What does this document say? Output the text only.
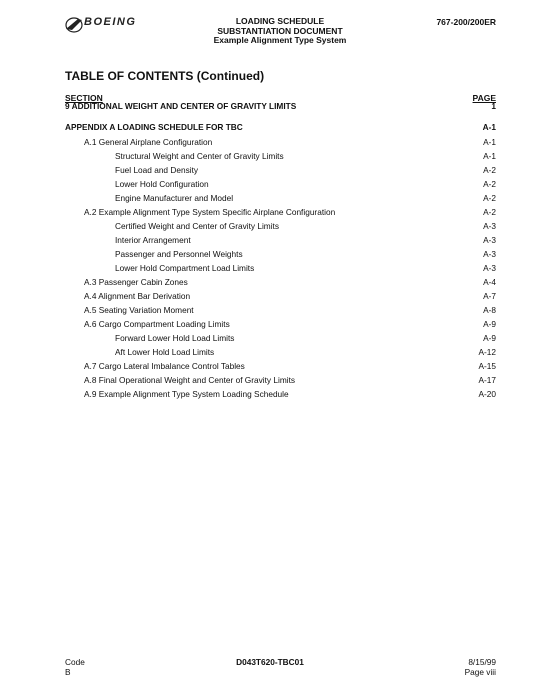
BOEING	LOADING SCHEDULE
SUBSTANTIATION DOCUMENT
Example Alignment Type System
767-200/200ER
TABLE OF CONTENTS (Continued)
SECTION	PAGE
9 ADDITIONAL WEIGHT AND CENTER OF GRAVITY LIMITS	1
APPENDIX A LOADING SCHEDULE FOR TBC	A-1
A.1 General Airplane Configuration	A-1
Structural Weight and Center of Gravity Limits	A-1
Fuel Load and Density	A-2
Lower Hold Configuration	A-2
Engine Manufacturer and Model	A-2
A.2 Example Alignment Type System Specific Airplane Configuration	A-2
Certified Weight and Center of Gravity Limits	A-3
Interior Arrangement	A-3
Passenger and Personnel Weights	A-3
Lower Hold Compartment Load Limits	A-3
A.3 Passenger Cabin Zones	A-4
A.4 Alignment Bar Derivation	A-7
A.5 Seating Variation Moment	A-8
A.6 Cargo Compartment Loading Limits	A-9
Forward Lower Hold Load Limits	A-9
Aft Lower Hold Load Limits	A-12
A.7 Cargo Lateral Imbalance Control Tables	A-15
A.8 Final Operational Weight and Center of Gravity Limits	A-17
A.9 Example Alignment Type System Loading Schedule	A-20
Code
B
D043T620-TBC01	8/15/99
Page viii
